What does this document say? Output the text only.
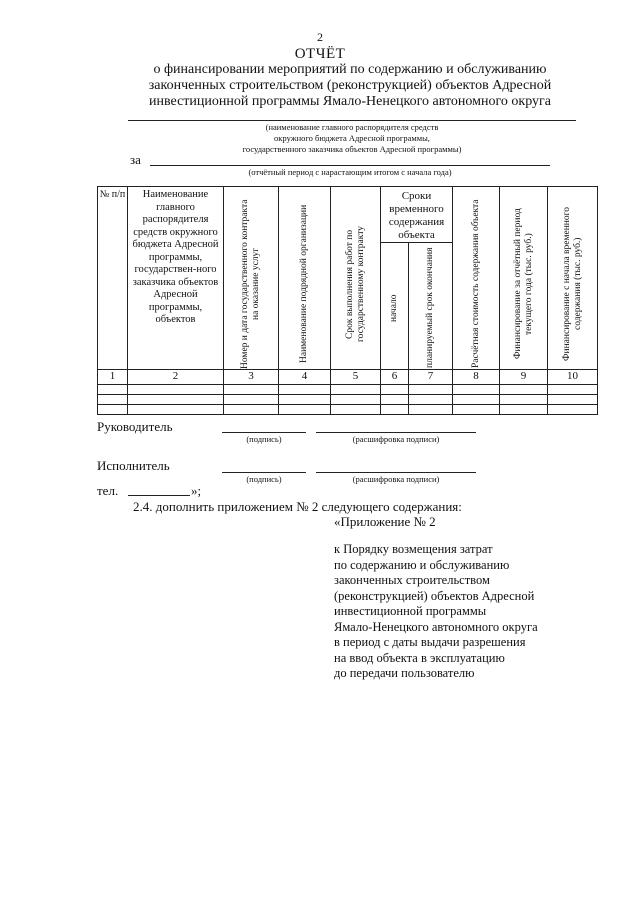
2
ОТЧЁТ
о финансировании мероприятий по содержанию и обслуживанию
законченных строительством (реконструкцией) объектов Адресной
инвестиционной программы Ямало-Ненецкого автономного округа
(наименование главного распорядителя средств
окружного бюджета Адресной программы,
государственного заказчика объектов Адресной программы)
за
(отчётный период с нарастающим итогом с начала года)
№ п/п	Наименование главного распорядителя средств окружного бюджета Адресной программы, государствен-ного заказчика объектов Адресной программы, объектов	Номер и дата государственного контракта на оказание услуг	Наименование подрядной организации	Срок выполнения работ по государственному контракту	Сроки временного содержания объекта		Расчётная стоимость содержания объекта	Финансирование за отчётный период текущего года (тыс. руб.)	Финансирование с начала временного содержания (тыс. руб.)

					начало	планируемый срок окончания			

1	2	3	4	5	6	7	8	9	10

Руководитель
(подпись)	(расшифровка подписи)
Исполнитель
(подпись)	(расшифровка подписи)
тел.	»;
2.4. дополнить приложением № 2 следующего содержания:
«Приложение № 2
к Порядку возмещения затрат
по содержанию и обслуживанию
законченных строительством
(реконструкцией) объектов Адресной
инвестиционной программы
Ямало-Ненецкого автономного округа
в период с даты выдачи разрешения
на ввод объекта в эксплуатацию
до передачи пользователю
